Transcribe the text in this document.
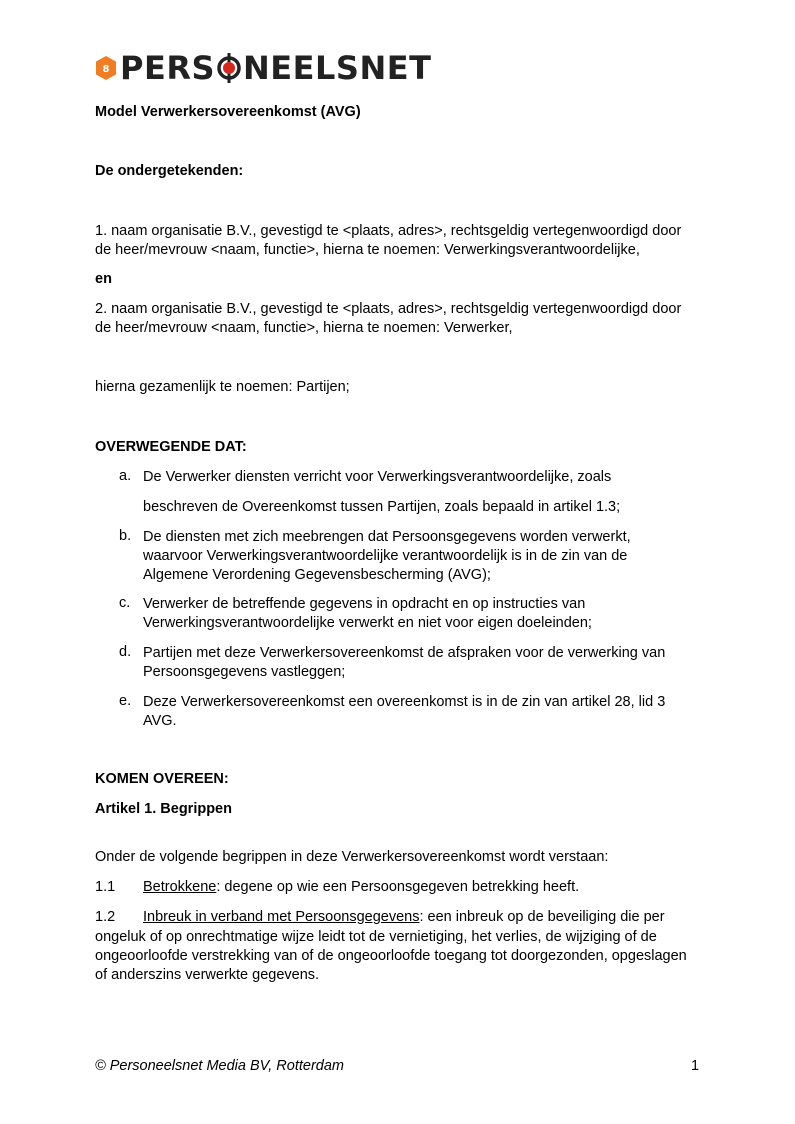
8 PERS NEELSNET
Model Verwerkersovereenkomst (AVG)
De ondergetekenden:
1. naam organisatie B.V., gevestigd te <plaats, adres>, rechtsgeldig vertegenwoordigd door
de heer/mevrouw <naam, functie>, hierna te noemen: Verwerkingsverantwoordelijke,
en
2. naam organisatie B.V., gevestigd te <plaats, adres>, rechtsgeldig vertegenwoordigd door
de heer/mevrouw <naam, functie>, hierna te noemen: Verwerker,
hierna gezamenlijk te noemen: Partijen;
OVERWEGENDE DAT:
a. De Verwerker diensten verricht voor Verwerkingsverantwoordelijke, zoals
beschreven de Overeenkomst tussen Partijen, zoals bepaald in artikel 1.3;
b. De diensten met zich meebrengen dat Persoonsgegevens worden verwerkt,
waarvoor Verwerkingsverantwoordelijke verantwoordelijk is in de zin van de
Algemene Verordening Gegevensbescherming (AVG);
c. Verwerker de betreffende gegevens in opdracht en op instructies van
Verwerkingsverantwoordelijke verwerkt en niet voor eigen doeleinden;
d. Partijen met deze Verwerkersovereenkomst de afspraken voor de verwerking van
Persoonsgegevens vastleggen;
e. Deze Verwerkersovereenkomst een overeenkomst is in de zin van artikel 28, lid 3
AVG.
KOMEN OVEREEN:
Artikel 1. Begrippen
Onder de volgende begrippen in deze Verwerkersovereenkomst wordt verstaan:
1.1 Betrokkene: degene op wie een Persoonsgegeven betrekking heeft.
1.2 Inbreuk in verband met Persoonsgegevens: een inbreuk op de beveiliging die per
ongeluk of op onrechtmatige wijze leidt tot de vernietiging, het verlies, de wijziging of de
ongeoorloofde verstrekking van of de ongeoorloofde toegang tot doorgezonden, opgeslagen
of anderszins verwerkte gegevens.
© Personeelsnet Media BV, Rotterdam	1
